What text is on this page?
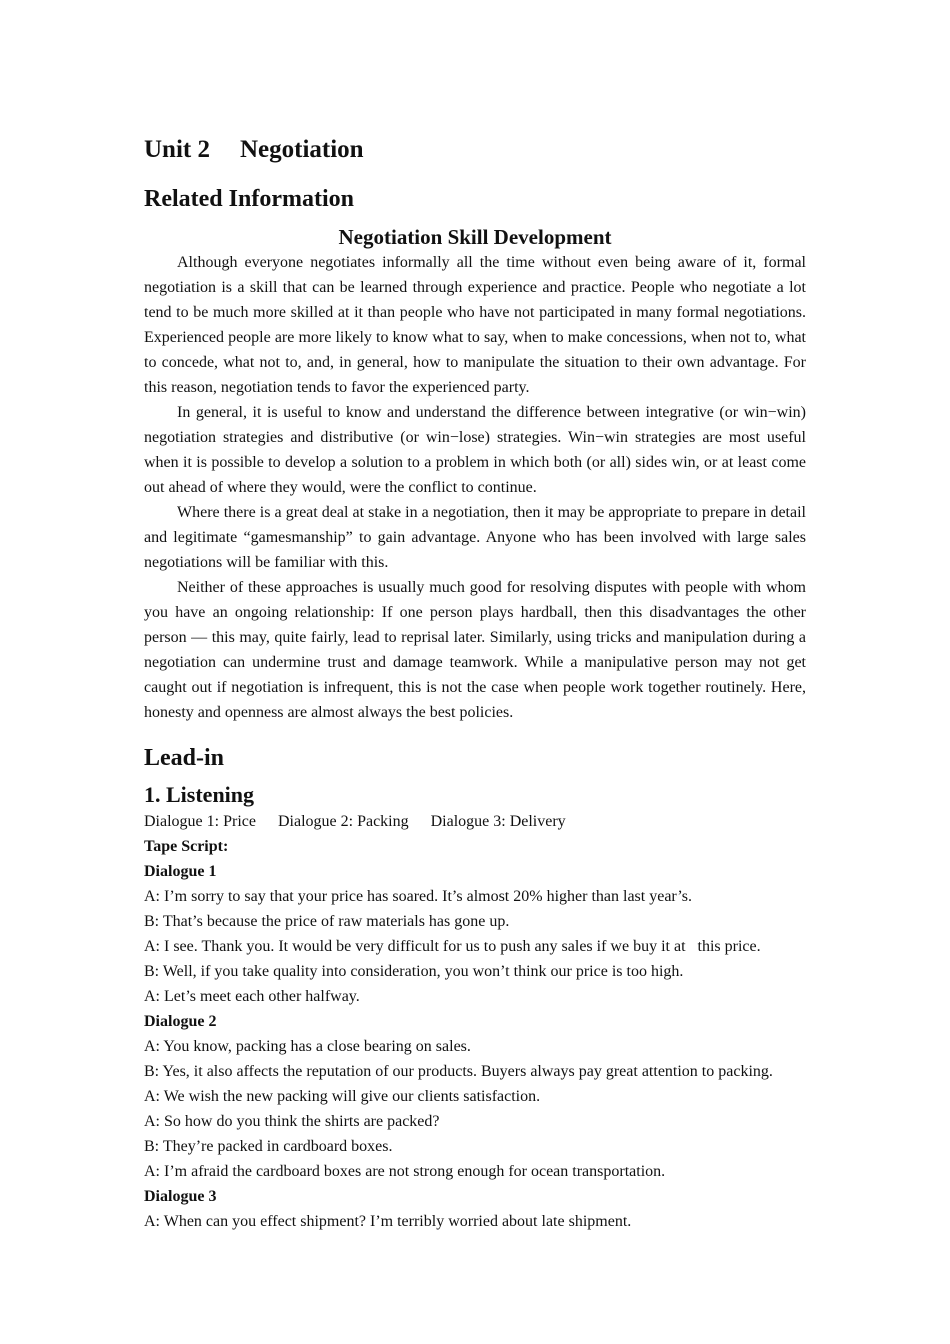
Unit 2 Negotiation
Related Information
Negotiation Skill Development

Although everyone negotiates informally all the time without even being aware of it, formal negotiation is a skill that can be learned through experience and practice. People who negotiate a lot tend to be much more skilled at it than people who have not participated in many formal negotiations. Experienced people are more likely to know what to say, when to make concessions, when not to, what to concede, what not to, and, in general, how to manipulate the situation to their own advantage. For this reason, negotiation tends to favor the experienced party.

In general, it is useful to know and understand the difference between integrative (or win−win) negotiation strategies and distributive (or win−lose) strategies. Win−win strategies are most useful when it is possible to develop a solution to a problem in which both (or all) sides win, or at least come out ahead of where they would, were the conflict to continue.

Where there is a great deal at stake in a negotiation, then it may be appropriate to prepare in detail and legitimate “gamesmanship” to gain advantage. Anyone who has been involved with large sales negotiations will be familiar with this.

Neither of these approaches is usually much good for resolving disputes with people with whom you have an ongoing relationship: If one person plays hardball, then this disadvantages the other person — this may, quite fairly, lead to reprisal later. Similarly, using tricks and manipulation during a negotiation can undermine trust and damage teamwork. While a manipulative person may not get caught out if negotiation is infrequent, this is not the case when people work together routinely. Here, honesty and openness are almost always the best policies.

Lead-in
1. Listening

Dialogue 1: Price Dialogue 2: Packing Dialogue 3: Delivery

Tape Script:

Dialogue 1

A: I’m sorry to say that your price has soared. It’s almost 20% higher than last year’s.

B: That’s because the price of raw materials has gone up.

A: I see. Thank you. It would be very difficult for us to push any sales if we buy it at   this price.

B: Well, if you take quality into consideration, you won’t think our price is too high.

A: Let’s meet each other halfway.

Dialogue 2

A: You know, packing has a close bearing on sales.

B: Yes, it also affects the reputation of our products. Buyers always pay great attention to packing.

A: We wish the new packing will give our clients satisfaction.

A: So how do you think the shirts are packed?

B: They’re packed in cardboard boxes.

A: I’m afraid the cardboard boxes are not strong enough for ocean transportation.

Dialogue 3

A: When can you effect shipment? I’m terribly worried about late shipment.
